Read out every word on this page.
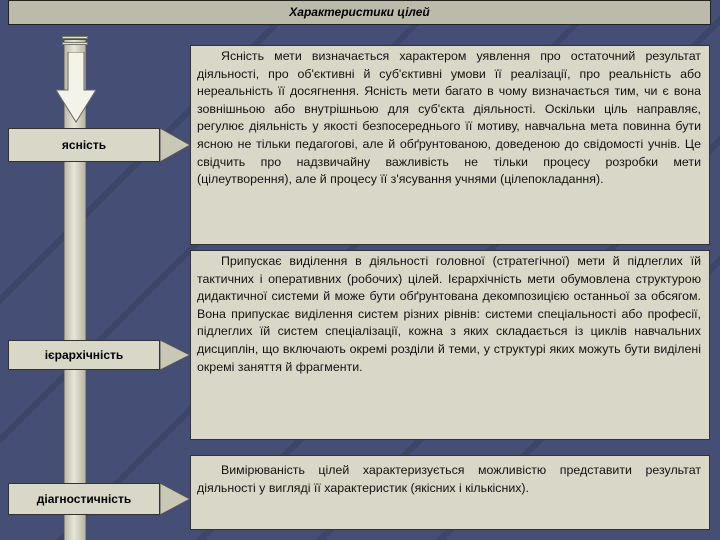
Характеристики цілей
ясність
Ясність мети визначається характером уявлення про остаточний результат діяльності, про об'єктивні й суб'єктивні умови її реалізації, про реальність або нереальність її досягнення. Ясність мети багато в чому визначається тим, чи є вона зовнішньою або внутрішньою для суб'єкта діяльності. Оскільки ціль направляє, регулює діяльність у якості безпосереднього її мотиву, навчальна мета повинна бути ясною не тільки педагогові, але й обґрунтованою, доведеною до свідомості учнів. Це свідчить про надзвичайну важливість не тільки процесу розробки мети (цілеутворення), але й процесу її з'ясування учнями (цілепокладання).
ієрархічність
Припускає виділення в діяльності головної (стратегічної) мети й підлеглих їй тактичних і оперативних (робочих) цілей. Ієрархічність мети обумовлена структурою дидактичної системи й може бути обґрунтована декомпозицією останньої за обсягом. Вона припускає виділення систем різних рівнів: системи спеціальності або професії, підлеглих їй систем спеціалізації, кожна з яких складається із циклів навчальних дисциплін, що включають окремі розділи й теми, у структурі яких можуть бути виділені окремі заняття й фрагменти.
діагностичність
Вимірюваність цілей характеризується можливістю представити результат діяльності у вигляді її характеристик (якісних і кількісних).
